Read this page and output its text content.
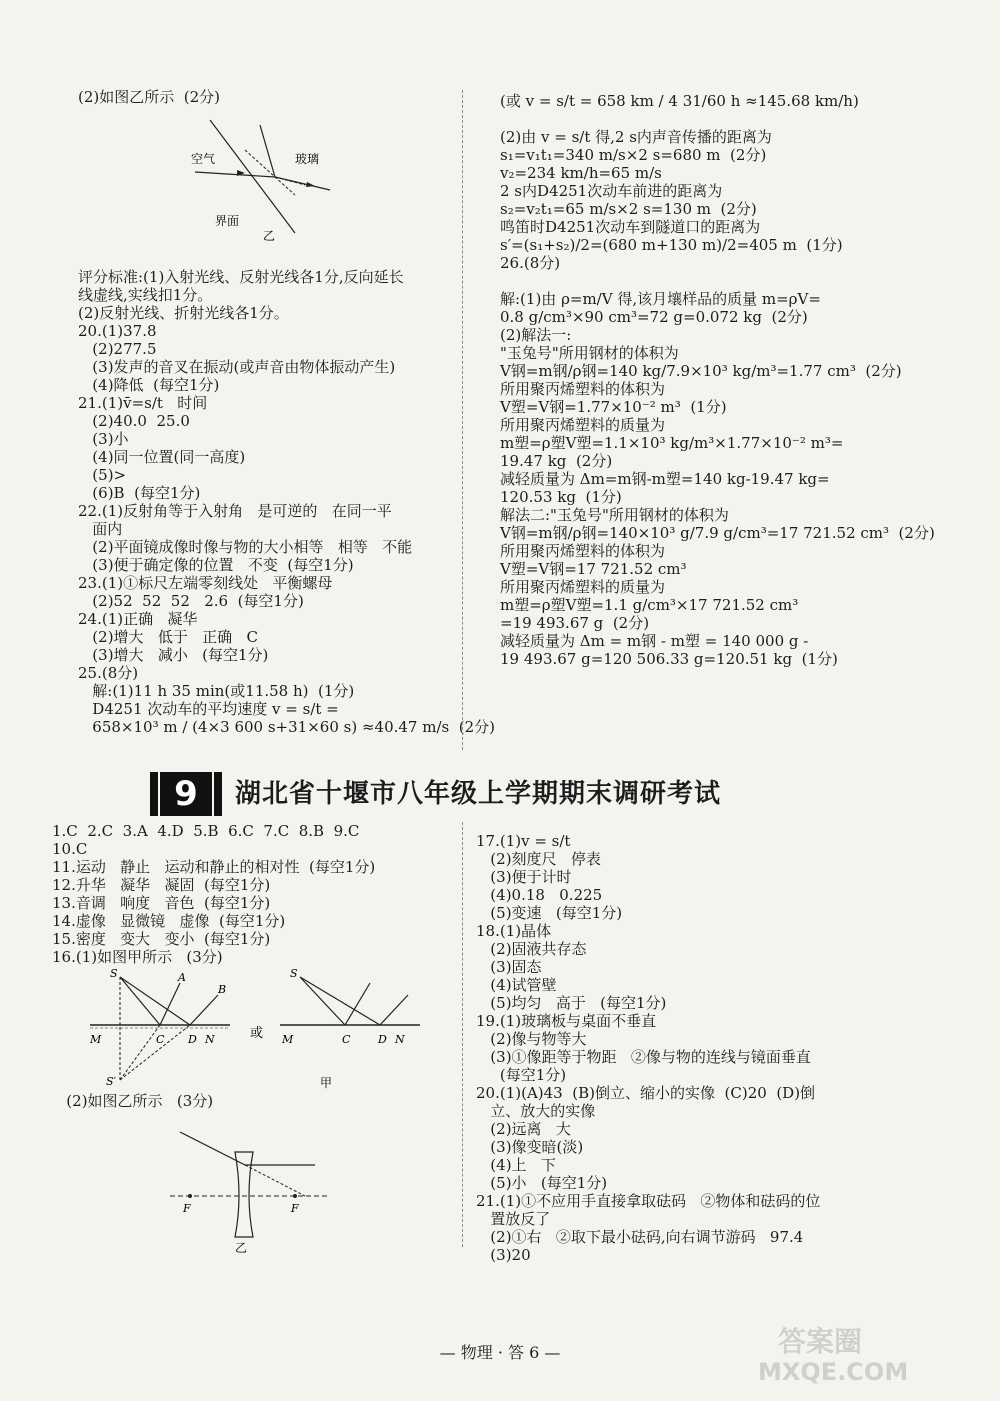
(2)如图乙所示  (2分)
评分标准:(1)入射光线、反射光线各1分,反向延长
线虚线,实线扣1分。
(2)反射光线、折射光线各1分。
20.(1)37.8
(2)277.5
(3)发声的音叉在振动(或声音由物体振动产生)
(4)降低  (每空1分)
21.(1)v̄=s/t   时间
(2)40.0  25.0
(3)小
(4)同一位置(同一高度)
(5)>
(6)B  (每空1分)
22.(1)反射角等于入射角   是可逆的   在同一平
面内
(2)平面镜成像时像与物的大小相等   相等   不能
(3)便于确定像的位置   不变  (每空1分)
23.(1)①标尺左端零刻线处   平衡螺母
(2)52  52  52   2.6  (每空1分)
24.(1)正确   凝华
(2)增大   低于   正确   C
(3)增大   减小   (每空1分)
25.(8分)
解:(1)11 h 35 min(或11.58 h)  (1分)
D4251 次动车的平均速度 v = s/t =
658×10³ m / (4×3 600 s+31×60 s) ≈40.47 m/s  (2分)
空气	玻璃
界面
乙
(或 v = s/t = 658 km / 4 31/60 h ≈145.68 km/h)
(2)由 v = s/t 得,2 s内声音传播的距离为
s₁=v₁t₁=340 m/s×2 s=680 m  (2分)
v₂=234 km/h=65 m/s
2 s内D4251次动车前进的距离为
s₂=v₂t₁=65 m/s×2 s=130 m  (2分)
鸣笛时D4251次动车到隧道口的距离为
s′=(s₁+s₂)/2=(680 m+130 m)/2=405 m  (1分)
26.(8分)
解:(1)由 ρ=m/V 得,该月壤样品的质量 m=ρV=
0.8 g/cm³×90 cm³=72 g=0.072 kg  (2分)
(2)解法一:
"玉兔号"所用钢材的体积为
V钢=m钢/ρ钢=140 kg/7.9×10³ kg/m³=1.77 cm³  (2分)
所用聚丙烯塑料的体积为
V塑=V钢=1.77×10⁻² m³  (1分)
所用聚丙烯塑料的质量为
m塑=ρ塑V塑=1.1×10³ kg/m³×1.77×10⁻² m³=
19.47 kg  (2分)
减轻质量为 Δm=m钢-m塑=140 kg-19.47 kg=
120.53 kg  (1分)
解法二:"玉兔号"所用钢材的体积为
V钢=m钢/ρ钢=140×10³ g/7.9 g/cm³=17 721.52 cm³  (2分)
所用聚丙烯塑料的体积为
V塑=V钢=17 721.52 cm³
所用聚丙烯塑料的质量为
m塑=ρ塑V塑=1.1 g/cm³×17 721.52 cm³
=19 493.67 g  (2分)
减轻质量为 Δm = m钢 - m塑 = 140 000 g -
19 493.67 g=120 506.33 g=120.51 kg  (1分)
9	湖北省十堰市八年级上学期期末调研考试
1.C  2.C  3.A  4.D  5.B  6.C  7.C  8.B  9.C
10.C
11.运动   静止   运动和静止的相对性  (每空1分)
12.升华   凝华   凝固  (每空1分)
13.音调   响度   音色  (每空1分)
14.虚像   显微镜   虚像  (每空1分)
15.密度   变大   变小  (每空1分)
16.(1)如图甲所示   (3分)
(2)如图乙所示   (3分)
S	A
B
M	C D N
S′
或
S
M	C	D N
甲
F	F
乙
17.(1)v = s/t
(2)刻度尺   停表
(3)便于计时
(4)0.18   0.225
(5)变速   (每空1分)
18.(1)晶体
(2)固液共存态
(3)固态
(4)试管壁
(5)均匀   高于   (每空1分)
19.(1)玻璃板与桌面不垂直
(2)像与物等大
(3)①像距等于物距   ②像与物的连线与镜面垂直
(每空1分)
20.(1)(A)43  (B)倒立、缩小的实像  (C)20  (D)倒
立、放大的实像
(2)远离   大
(3)像变暗(淡)
(4)上   下
(5)小   (每空1分)
21.(1)①不应用手直接拿取砝码   ②物体和砝码的位
置放反了
(2)①右   ②取下最小砝码,向右调节游码   97.4
(3)20
— 物理 · 答 6 —	答案圈
MXQE.COM
